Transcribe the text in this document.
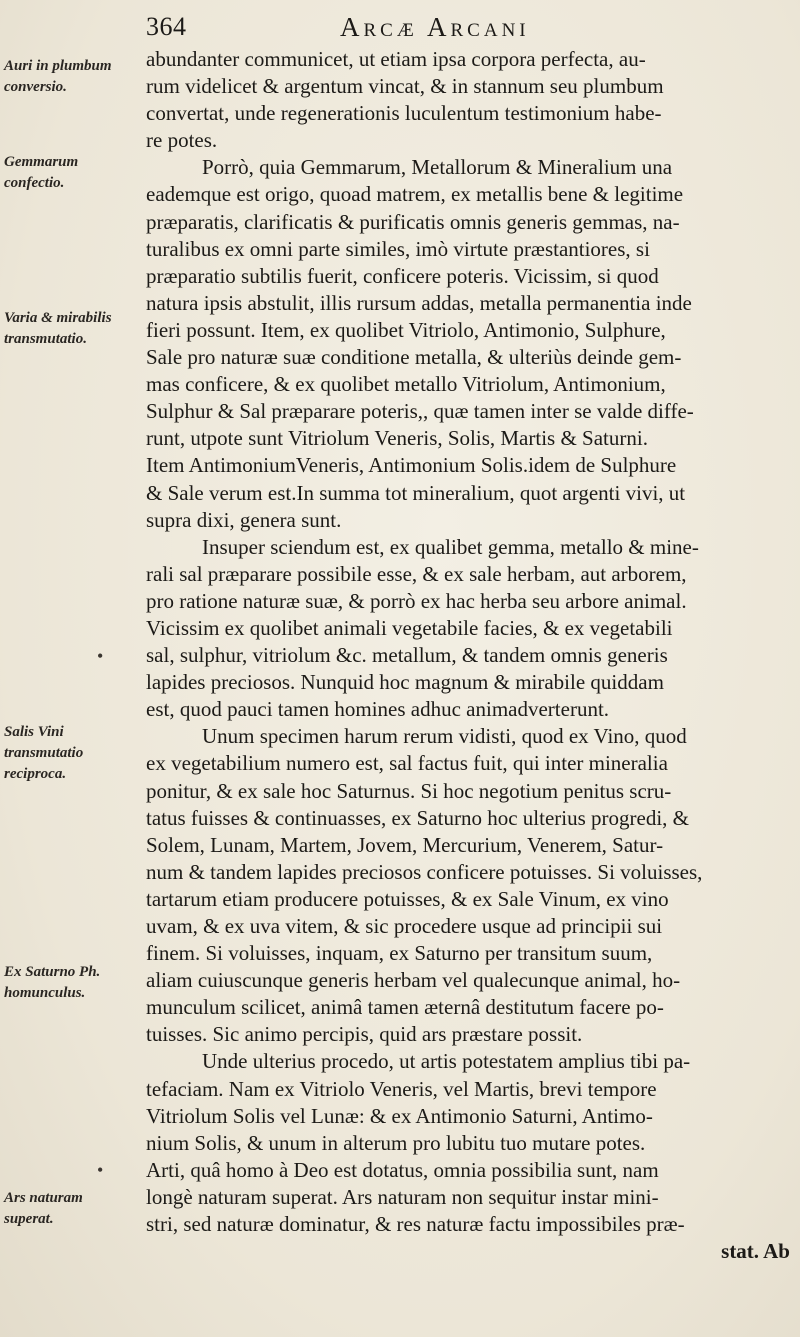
364	Arcæ Arcani
Auri in plumbum conversio.
Gemmarum confectio.
Varia & mirabilis transmutatio.
Salis Vini transmutatio reciproca.
Ex Saturno Ph. homunculus.
Ars naturam superat.
•
•
abundanter communicet, ut etiam ipsa corpora perfecta, au-
rum videlicet & argentum vincat, & in stannum seu plumbum
convertat, unde regenerationis luculentum testimonium habe-
re potes.
Porrò, quia Gemmarum, Metallorum & Mineralium una
eademque est origo, quoad matrem, ex metallis bene & legitime
præparatis, clarificatis & purificatis omnis generis gemmas, na-
turalibus ex omni parte similes, imò virtute præstantiores, si
præparatio subtilis fuerit, conficere poteris. Vicissim, si quod
natura ipsis abstulit, illis rursum addas, metalla permanentia inde
fieri possunt. Item, ex quolibet Vitriolo, Antimonio, Sulphure,
Sale pro naturæ suæ conditione metalla, & ulteriùs deinde gem-
mas conficere, & ex quolibet metallo Vitriolum, Antimonium,
Sulphur & Sal præparare poteris,, quæ tamen inter se valde diffe-
runt, utpote sunt Vitriolum Veneris, Solis, Martis & Saturni.
Item AntimoniumVeneris, Antimonium Solis.idem de Sulphure
& Sale verum est.In summa tot mineralium, quot argenti vivi, ut
supra dixi, genera sunt.
Insuper sciendum est, ex qualibet gemma, metallo & mine-
rali sal præparare possibile esse, & ex sale herbam, aut arborem,
pro ratione naturæ suæ, & porrò ex hac herba seu arbore animal.
Vicissim ex quolibet animali vegetabile facies, & ex vegetabili
sal, sulphur, vitriolum &c. metallum, & tandem omnis generis
lapides preciosos. Nunquid hoc magnum & mirabile quiddam
est, quod pauci tamen homines adhuc animadverterunt.
Unum specimen harum rerum vidisti, quod ex Vino, quod
ex vegetabilium numero est, sal factus fuit, qui inter mineralia
ponitur, & ex sale hoc Saturnus. Si hoc negotium penitus scru-
tatus fuisses & continuasses, ex Saturno hoc ulterius progredi, &
Solem, Lunam, Martem, Jovem, Mercurium, Venerem, Satur-
num & tandem lapides preciosos conficere potuisses. Si voluisses,
tartarum etiam producere potuisses, & ex Sale Vinum, ex vino
uvam, & ex uva vitem, & sic procedere usque ad principii sui
finem. Si voluisses, inquam, ex Saturno per transitum suum,
aliam cuiuscunque generis herbam vel qualecunque animal, ho-
munculum scilicet, animâ tamen æternâ destitutum facere po-
tuisses. Sic animo percipis, quid ars præstare possit.
Unde ulterius procedo, ut artis potestatem amplius tibi pa-
tefaciam. Nam ex Vitriolo Veneris, vel Martis, brevi tempore
Vitriolum Solis vel Lunæ: & ex Antimonio Saturni, Antimo-
nium Solis, & unum in alterum pro lubitu tuo mutare potes.
Arti, quâ homo à Deo est dotatus, omnia possibilia sunt, nam
longè naturam superat. Ars naturam non sequitur instar mini-
stri, sed naturæ dominatur, & res naturæ factu impossibiles præ-
stat. Ab
